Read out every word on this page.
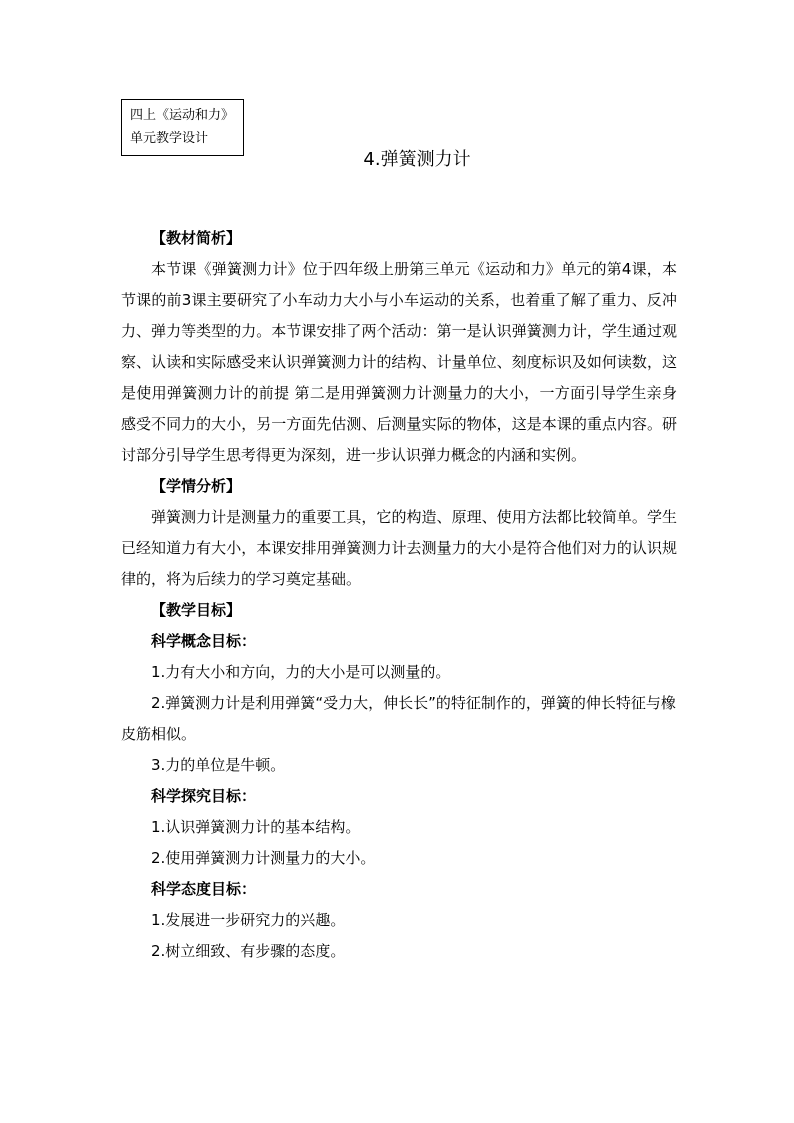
四上《运动和力》
单元教学设计
4.弹簧测力计

【教材简析】

本节课《弹簧测力计》位于四年级上册第三单元《运动和力》单元的第4课，本节课的前3课主要研究了小车动力大小与小车运动的关系，也着重了解了重力、反冲力、弹力等类型的力。本节课安排了两个活动：第一是认识弹簧测力计，学生通过观察、认读和实际感受来认识弹簧测力计的结构、计量单位、刻度标识及如何读数，这是使用弹簧测力计的前提 第二是用弹簧测力计测量力的大小，一方面引导学生亲身感受不同力的大小，另一方面先估测、后测量实际的物体，这是本课的重点内容。研讨部分引导学生思考得更为深刻，进一步认识弹力概念的内涵和实例。

【学情分析】

弹簧测力计是测量力的重要工具，它的构造、原理、使用方法都比较简单。学生已经知道力有大小，本课安排用弹簧测力计去测量力的大小是符合他们对力的认识规律的，将为后续力的学习奠定基础。

【教学目标】

科学概念目标：

1.力有大小和方向，力的大小是可以测量的。

2.弹簧测力计是利用弹簧“受力大，伸长长”的特征制作的，弹簧的伸长特征与橡皮筋相似。

3.力的单位是牛顿。

科学探究目标：

1.认识弹簧测力计的基本结构。

2.使用弹簧测力计测量力的大小。

科学态度目标：

1.发展进一步研究力的兴趣。

2.树立细致、有步骤的态度。
